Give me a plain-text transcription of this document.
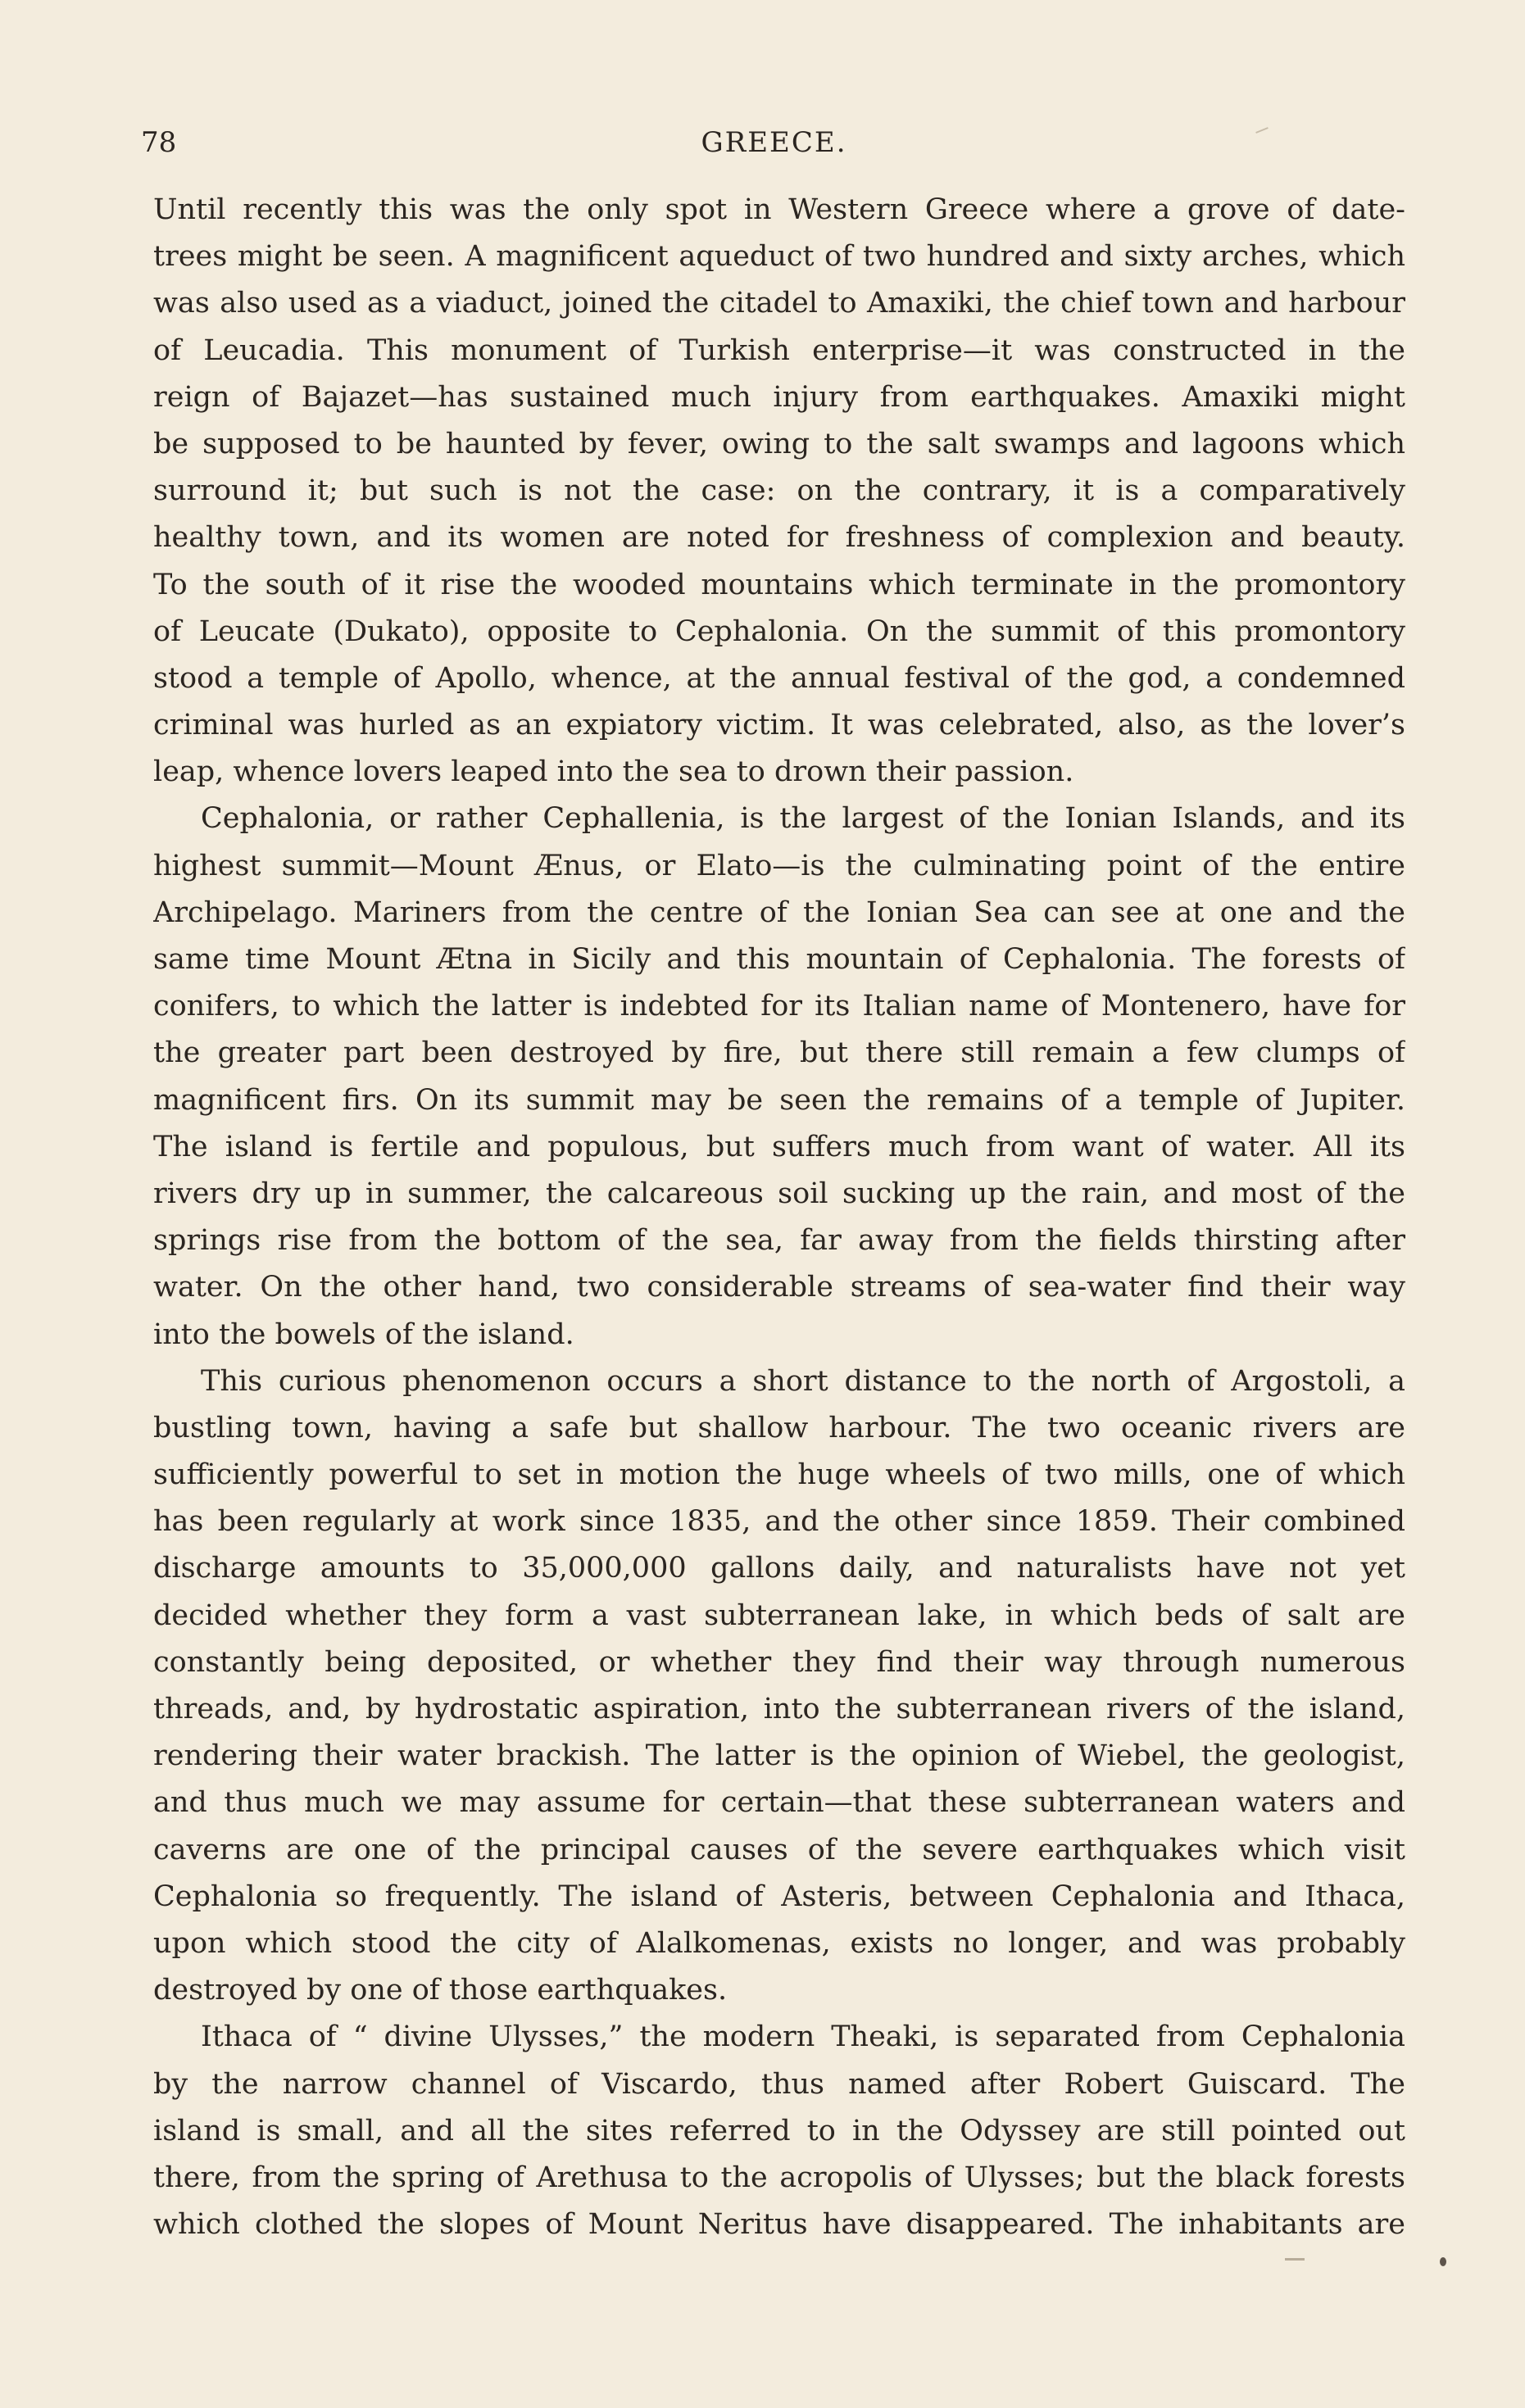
78	GREECE.
Until recently this was the only spot in Western Greece where a grove of date-
trees might be seen. A magnificent aqueduct of two hundred and sixty arches, which
was also used as a viaduct, joined the citadel to Amaxiki, the chief town and harbour
of Leucadia. This monument of Turkish enterprise—it was constructed in the
reign of Bajazet—has sustained much injury from earthquakes. Amaxiki might
be supposed to be haunted by fever, owing to the salt swamps and lagoons which
surround it; but such is not the case: on the contrary, it is a comparatively
healthy town, and its women are noted for freshness of complexion and beauty.
To the south of it rise the wooded mountains which terminate in the promontory
of Leucate (Dukato), opposite to Cephalonia. On the summit of this promontory
stood a temple of Apollo, whence, at the annual festival of the god, a condemned
criminal was hurled as an expiatory victim. It was celebrated, also, as the lover’s
leap, whence lovers leaped into the sea to drown their passion.
Cephalonia, or rather Cephallenia, is the largest of the Ionian Islands, and its
highest summit—Mount Ænus, or Elato—is the culminating point of the entire
Archipelago. Mariners from the centre of the Ionian Sea can see at one and the
same time Mount Ætna in Sicily and this mountain of Cephalonia. The forests of
conifers, to which the latter is indebted for its Italian name of Montenero, have for
the greater part been destroyed by fire, but there still remain a few clumps of
magnificent firs. On its summit may be seen the remains of a temple of Jupiter.
The island is fertile and populous, but suffers much from want of water. All its
rivers dry up in summer, the calcareous soil sucking up the rain, and most of the
springs rise from the bottom of the sea, far away from the fields thirsting after
water. On the other hand, two considerable streams of sea-water find their way
into the bowels of the island.
This curious phenomenon occurs a short distance to the north of Argostoli, a
bustling town, having a safe but shallow harbour. The two oceanic rivers are
sufficiently powerful to set in motion the huge wheels of two mills, one of which
has been regularly at work since 1835, and the other since 1859. Their combined
discharge amounts to 35,000,000 gallons daily, and naturalists have not yet
decided whether they form a vast subterranean lake, in which beds of salt are
constantly being deposited, or whether they find their way through numerous
threads, and, by hydrostatic aspiration, into the subterranean rivers of the island,
rendering their water brackish. The latter is the opinion of Wiebel, the geologist,
and thus much we may assume for certain—that these subterranean waters and
caverns are one of the principal causes of the severe earthquakes which visit
Cephalonia so frequently. The island of Asteris, between Cephalonia and Ithaca,
upon which stood the city of Alalkomenas, exists no longer, and was probably
destroyed by one of those earthquakes.
Ithaca of “ divine Ulysses,” the modern Theaki, is separated from Cephalonia
by the narrow channel of Viscardo, thus named after Robert Guiscard. The
island is small, and all the sites referred to in the Odyssey are still pointed out
there, from the spring of Arethusa to the acropolis of Ulysses; but the black forests
which clothed the slopes of Mount Neritus have disappeared. The inhabitants are
